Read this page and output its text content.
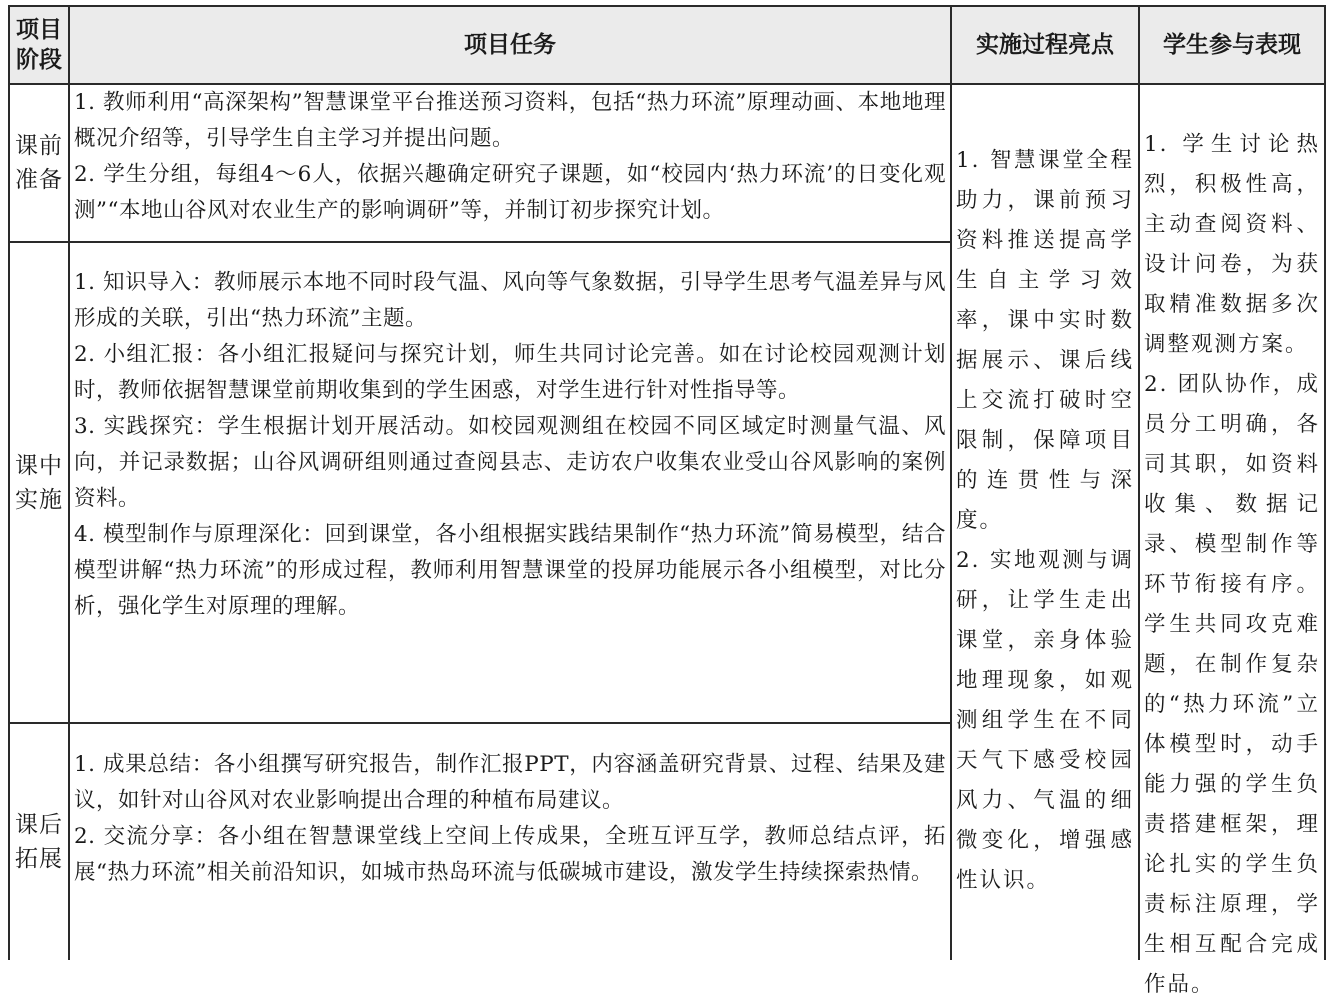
项目
阶段
项目任务	实施过程亮点	学生参与表现
课前
准备
课中
实施
课后
拓展

1. 教师利用“高深架构”智慧课堂平台推送预习资料，包括“热力环流”原理动画、本地地理概况介绍等，引导学生自主学习并提出问题。

2. 学生分组，每组4～6人，依据兴趣确定研究子课题，如“校园内‘热力环流’的日变化观测”“本地山谷风对农业生产的影响调研”等，并制订初步探究计划。

1. 知识导入：教师展示本地不同时段气温、风向等气象数据，引导学生思考气温差异与风形成的关联，引出“热力环流”主题。

2. 小组汇报：各小组汇报疑问与探究计划，师生共同讨论完善。如在讨论校园观测计划时，教师依据智慧课堂前期收集到的学生困惑，对学生进行针对性指导等。

3. 实践探究：学生根据计划开展活动。如校园观测组在校园不同区域定时测量气温、风向，并记录数据；山谷风调研组则通过查阅县志、走访农户收集农业受山谷风影响的案例资料。

4. 模型制作与原理深化：回到课堂，各小组根据实践结果制作“热力环流”简易模型，结合模型讲解“热力环流”的形成过程，教师利用智慧课堂的投屏功能展示各小组模型，对比分析，强化学生对原理的理解。

1. 成果总结：各小组撰写研究报告，制作汇报PPT，内容涵盖研究背景、过程、结果及建议，如针对山谷风对农业影响提出合理的种植布局建议。

2. 交流分享：各小组在智慧课堂线上空间上传成果，全班互评互学，教师总结点评，拓展“热力环流”相关前沿知识，如城市热岛环流与低碳城市建设，激发学生持续探索热情。

1. 智慧课堂全程助力，课前预习资料推送提高学生自主学习效率，课中实时数据展示、课后线上交流打破时空限制，保障项目的连贯性与深度。

2. 实地观测与调研，让学生走出课堂，亲身体验地理现象，如观测组学生在不同天气下感受校园风力、气温的细微变化，增强感性认识。

1. 学生讨论热烈，积极性高，主动查阅资料、设计问卷，为获取精准数据多次调整观测方案。

2. 团队协作，成员分工明确，各司其职，如资料收集、数据记录、模型制作等环节衔接有序。学生共同攻克难题，在制作复杂的“热力环流”立体模型时，动手能力强的学生负责搭建框架，理论扎实的学生负责标注原理，学生相互配合完成作品。
